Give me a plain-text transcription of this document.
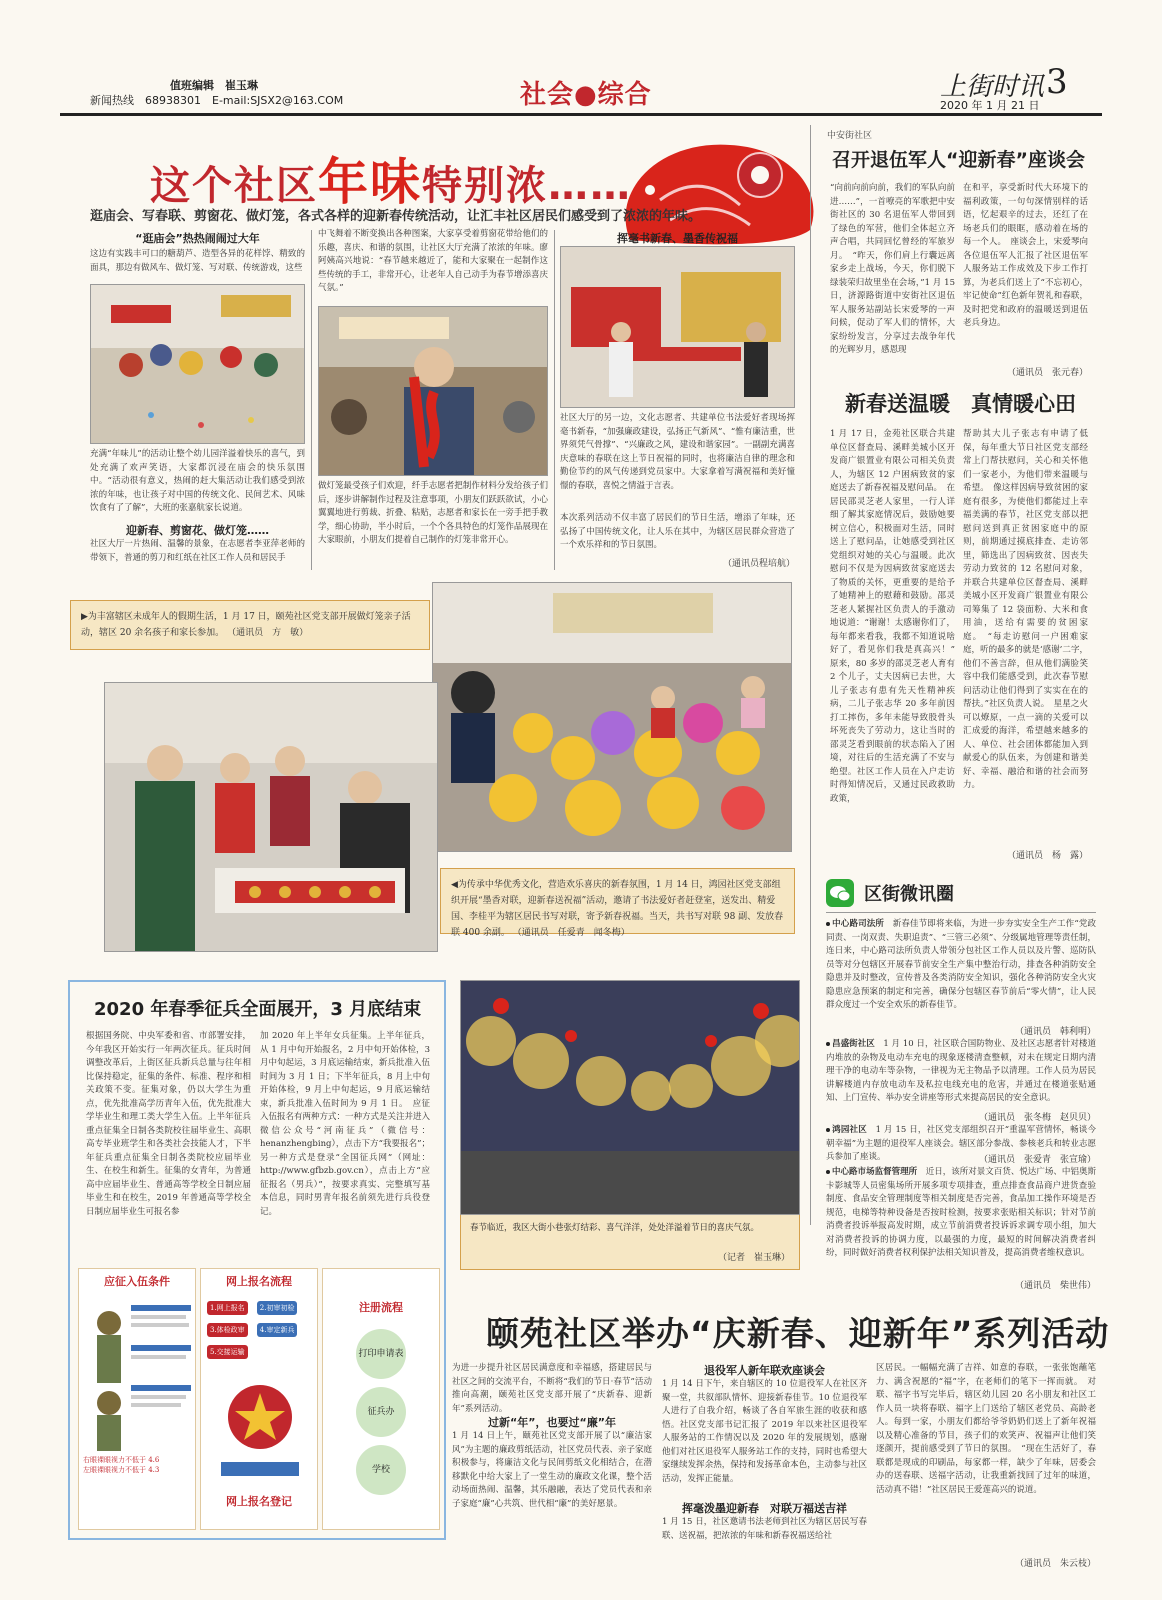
值班编辑　 崔玉琳
新闻热线　 68938301　 E-mail:SJSX2@163.COM	社会●综合	上街时讯 3
2020 年 1 月 21 日
这个社区年味特别浓……
逛庙会、写春联、剪窗花、做灯笼，各式各样的迎新春传统活动，让汇丰社区居民们感受到了浓浓的年味。
“逛庙会”热热闹闹过大年
这边有实践丰可口的糖葫芦、造型各异的花样饽、精致的面具，那边有做风车、做灯笼、写对联、传统游戏，这些
充满“年味儿”的活动让整个幼儿园洋溢着快乐的喜气，到处充满了欢声笑语，大家都沉浸在庙会的快乐氛围中。“活动很有意义，热闹的赶大集活动让我们感受到浓浓的年味，也让孩子对中国的传统文化、民间艺术、风味饮食有了了解”，大班的张嘉航家长说道。
迎新春、剪窗花、做灯笼……
社区大厅一片热闹、温馨的景象，在志愿者李亚萍老师的带领下，普通的剪刀和红纸在社区工作人员和居民手
中飞舞着不断变换出各种图案，大家享受着剪窗花带给他们的乐趣，喜庆、和谐的氛围，让社区大厅充满了浓浓的年味。廖阿姨高兴地说：“春节越来越近了，能和大家聚在一起制作这些传统的手工，非常开心，让老年人自己动手为春节增添喜庆气氛。”
做灯笼最受孩子们欢迎，纤手志愿者把制作材料分发给孩子们后，逐步讲解制作过程及注意事项，小朋友们跃跃欲试，小心翼翼地进行剪裁、折叠、粘贴，志愿者和家长在一旁手把手教学，细心协助，半小时后，一个个各具特色的灯笼作品展现在大家眼前，小朋友们提着自己制作的灯笼非常开心。
挥毫书新春、墨香传祝福
社区大厅的另一边，文化志愿者、共建单位书法爱好者现场挥毫书新春，“加强廉政建设，弘扬正气新风”、“惟有廉洁重，世界须凭气骨撑”、“兴廉政之风，建设和谐家园”。一副副充满喜庆意味的春联在这上节日祝福的同时，也将廉洁自律的理念和勤俭节约的风气传递到党员家中。大家拿着写满祝福和美好憧憬的春联，喜悦之情溢于言表。
本次系列活动不仅丰富了居民们的节日生活，增添了年味，还弘扬了中国传统文化，让人乐在其中，为辖区居民群众营造了一个欢乐祥和的节日氛围。
（通讯员程培航）
中安街社区
召开退伍军人“迎新春”座谈会
“向前向前向前，我们的军队向前进……”，一首嘹亮的军歌把中安街社区的 30 名退伍军人带回到了绿色的军营，他们全体起立齐声合唱，共同回忆曾经的军旅岁月。　“昨天，你们肩上行囊远离家乡走上战场，今天，你们脱下绿装荣归故里坐在会场，”1 月 15 日，济源路街道中安街社区退伍军人服务站副站长宋爱琴的一声问候，促动了军人们的情怀，大家纷纷发言，分享过去战争年代的光辉岁月，感恩现
在和平，享受新时代大环境下的福利政策，一句句深情别样的话语，忆起艰辛的过去，还红了在场老兵们的眼眶，感动着在场的每一个人。　座谈会上，宋爱琴向各位退伍军人汇报了社区退伍军人服务站工作成效及下步工作打算，为老兵们送上了“不忘初心，牢记使命”红色新年贺礼和春联，及时把党和政府的温暖送到退伍老兵身边。
（通讯员　张元春）
新春送温暖　真情暖心田
1 月 17 日，金苑社区联合共建单位区督查局、溪畔美城小区开发商广银置业有限公司相关负责人，为辖区 12 户困病致贫的家庭送去了新春祝福及慰问品。　在居民邵灵芝老人家里，一行人详细了解其家庭情况后，鼓励她要树立信心，积极面对生活，同时送上了慰问品，让她感受到社区党组织对她的关心与温暖。此次慰问不仅是为因病致贫家庭送去了物质的关怀，更重要的是给予了她精神上的慰藉和鼓励。邵灵芝老人紧握社区负责人的手激动地说道：“谢谢！太感谢你们了，每年都来看我，我都不知道说啥好了，看见你们我是真高兴！”　原来，80 多岁的邵灵芝老人育有 2 个儿子，丈夫因病已去世，大儿子张志有患有先天性精神疾病，二儿子张志华 20 多年前因打工摔伤，多年未能导致股骨头坏死丧失了劳动力，这让当时的邵灵芝看到眼前的状态陷入了困境，对往后的生活充满了不安与绝望。社区工作人员在入户走访时得知情况后，又通过民政救助政策，
帮助其大儿子张志有申请了低保，每年重大节日社区党支部经常上门帮扶慰问，关心和关怀他们一家老小，为他们带来温暖与希望。　像这样因病导致贫困的家庭有很多，为使他们都能过上幸福美满的春节，社区党支部以把慰问送到真正贫困家庭中的原则，前期通过摸底排查、走访邻里，筛选出了因病致贫、因丧失劳动力致贫的 12 名慰问对象，并联合共建单位区督查局、溪畔美城小区开发商广银置业有限公司筹集了 12 袋面粉、大米和食用油，送给有需要的贫困家庭。　“每走访慰问一户困难家庭，听的最多的就是‘感谢’二字，他们不善言辞，但从他们满脸笑容中我们能感受到，此次春节慰问活动让他们得到了实实在在的帮扶。”社区负责人说。　星星之火可以燎原，一点一滴的关爱可以汇成爱的海洋，希望越来越多的人、单位、社会团体都能加入到献爱心的队伍来，为创建和谐美好、幸福、融洽和谐的社会而努力。
（通讯员　杨　露）
区街微讯圈
中心路司法所　 新春佳节即将来临，为进一步夯实安全生产工作“党政同责、一岗双责、失职追责”、“三管三必须”、分级属地管理等责任制，连日来，中心路司法所负责人带领分包社区工作人员以及片警、巡防队员等对分包辖区开展春节前安全生产集中整治行动，排查各种消防安全隐患并及时整改，宣传普及各类消防安全知识，强化各种消防安全火灾隐患应急预案的制定和完善，确保分包辖区春节前后“零火情”，让人民群众度过一个安全欢乐的新春佳节。
（通讯员　韩利明）
昌盛街社区　 1 月 10 日，社区联合国防物业、及社区志愿者针对楼道内堆放的杂物及电动车充电的现象逐楼清查整顿，对未在规定日期内清理干净的电动车等杂物，一律视为无主物品予以清理。工作人员为居民讲解楼道内存放电动车及私拉电线充电的危害，并通过在楼道张贴通知、上门宣传、举办安全讲座等形式来提高居民的安全意识。
（通讯员　张冬梅　赵贝贝）
鸿园社区　 1 月 15 日，社区党支部组织召开“重温军营情怀，畅谈今朝幸福”为主题的退役军人座谈会。辖区部分参战、参核老兵和转业志愿兵参加了座谈。	（通讯员　张爱青　张宣瑜）
中心路市场监督管理所　 近日，该所对景文百货、悦达广场、中铝奥斯卡影城等人员密集场所开展多项专项排查，重点排查食品商户进货查验制度、食品安全管理制度等相关制度是否完善，食品加工操作环境是否规范，电梯等特种设备是否按时检测，按要求张贴相关标识；针对节前消费者投诉举报高发时期，成立节前消费者投诉诉求调专项小组，加大对消费者投诉的协调力度，以最强的力度，最短的时间解决消费者纠纷，同时做好消费者权利保护法相关知识普及，提高消费者维权意识。
（通讯员　柴世伟）
▶为丰富辖区未成年人的假期生活，1 月 17 日，颐苑社区党支部开展做灯笼亲子活动，辖区 20 余名孩子和家长参加。 （通讯员　方　敏）
◀为传承中华优秀文化，营造欢乐喜庆的新春氛围，1 月 14 日，鸿园社区党支部组织开展“墨香对联，迎新春送祝福”活动，邀请了书法爱好者赶登室，送发出、精爱国、李桂平为辖区居民书写对联，寄予新春祝福。当天，共书写对联 98 副、发放春联 400 余副。 （通讯员　任爱青　闻冬梅）
2020 年春季征兵全面展开，3 月底结束
根据国务院、中央军委和省、市部署安排，今年我区开始实行一年两次征兵。征兵时间调整改革后，上街区征兵新兵总量与往年相比保持稳定，征集的条件、标准、程序和相关政策不变。征集对象，仍以大学生为重点，优先批准高学历青年入伍，优先批准大学毕业生和理工类大学生入伍。上半年征兵重点征集全日制各类院校往届毕业生、高职高专毕业班学生和各类社会技能人才，下半年征兵重点征集全日制各类院校应届毕业生、在校生和新生。征集的女青年，为普通高中应届毕业生、普通高等学校全日制应届毕业生和在校生，2019 年普通高等学校全日制应届毕业生可报名参
加 2020 年上半年女兵征集。上半年征兵，从 1 月中旬开始报名，2 月中旬开始体检，3 月中旬起运，3 月底运输结束，新兵批准入伍时间为 3 月 1 日；下半年征兵，8 月上中旬开始体检，9 月上中旬起运，9 月底运输结束，新兵批准入伍时间为 9 月 1 日。　应征入伍报名有两种方式：一种方式是关注并进入微信公众号“河南征兵”（微信号：henanzhengbing），点击下方“我要报名”；另一种方式是登录“全国征兵网”（网址：http://www.gfbzb.gov.cn），点击上方“应征报名（男兵）”，按要求真实、完整填写基本信息，同时男青年报名前须先进行兵役登记。
应征入伍条件
右眼裸眼视力不低于 4.6
左眼裸眼视力不低于 4.3
网上报名流程
1.网上报名 2.初审初检 3.体检政审 4.审定新兵 5.交接运输
网上报名登记
注册流程
打印申请表
征兵办
学校
春节临近，我区大街小巷张灯结彩、喜气洋洋，处处洋溢着节日的喜庆气氛。
（记者　崔玉琳）
颐苑社区举办“庆新春、迎新年”系列活动
为进一步提升社区居民满意度和幸福感，搭建居民与社区之间的交流平台，不断将“我们的节日·春节”活动推向高潮，颐苑社区党支部开展了“庆新春、迎新年”系列活动。
过新“年”，也要过“廉”年
1 月 14 日上午，颐苑社区党支部开展了以“廉洁家风”为主题的廉政剪纸活动，社区党员代表、亲子家庭积极参与，将廉洁文化与民间剪纸文化相结合，在潜移默化中给大家上了一堂生动的廉政文化课，整个活动场面热闹、温馨，其乐融融，表达了党员代表和亲子家庭“廉”心共筑、世代相“廉”的美好愿景。
退役军人新年联欢座谈会
1 月 14 日下午，来自辖区的 10 位退役军人在社区齐聚一堂，共叙部队情怀、迎接新春佳节。10 位退役军人进行了自我介绍，畅谈了各自军旅生涯的收获和感悟。社区党支部书记汇报了 2019 年以来社区退役军人服务站的工作情况以及 2020 年的发展规划，感谢他们对社区退役军人服务站工作的支持，同时也希望大家继续发挥余热，保持和发扬革命本色，主动参与社区活动，发挥正能量。
挥毫泼墨迎新春　对联万福送吉祥
1 月 15 日，社区邀请书法老师到社区为辖区居民写春联、送祝福，把浓浓的年味和新春祝福送给社
区居民。一幅幅充满了吉祥、如意的春联，一张张饱蘸笔力、满含祝愿的“福”字，在老师们的笔下一挥而就。　对联、福字书写完毕后，辖区幼儿园 20 名小朋友和社区工作人员一块将春联、福字上门送给了辖区老党员、高龄老人。每到一家，小朋友们都给爷爷奶奶们送上了新年祝福以及精心准备的节目，孩子们的欢笑声、祝福声让他们笑逐颜开，提前感受到了节日的氛围。　“现在生活好了，春联都是现成的印刷品，每家都一样，缺少了年味，居委会办的送春联、送福字活动，让我重新找回了过年的味道，活动真不错！”社区居民王爱莲高兴的说道。
（通讯员　朱云枝）
